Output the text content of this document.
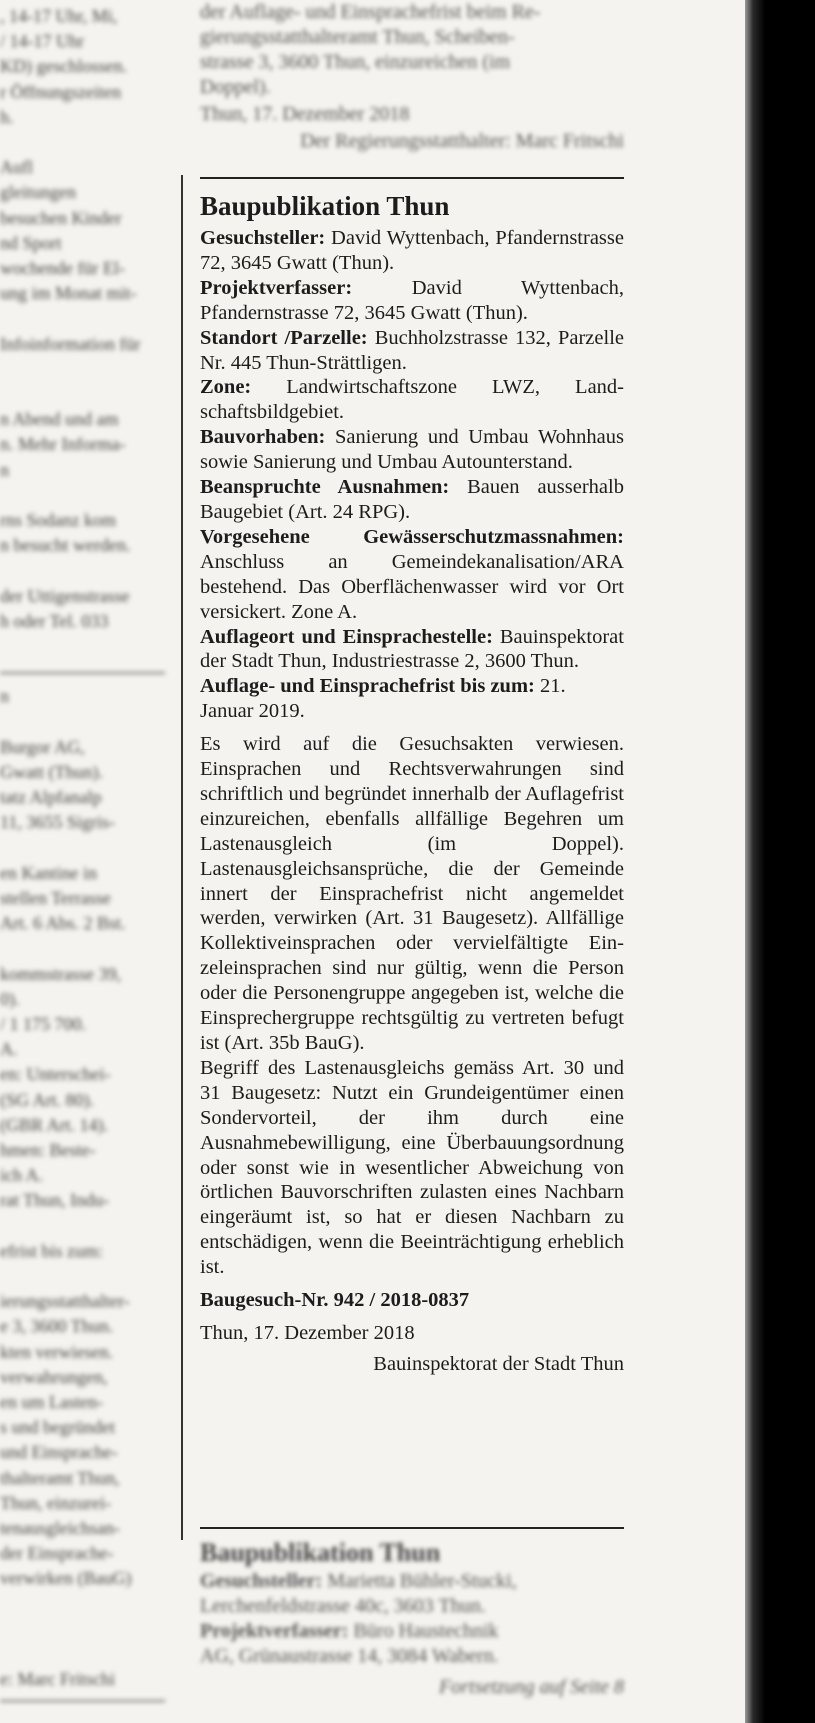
, 14-17 Uhr, Mi,
/ 14-17 Uhr
KD) geschlossen.
r Öffnungszeiten
h.
Aufl
gleitungen
besuchen Kinder
nd Sport
wochende für El-
ung im Monat mit-
Infoinformation für
n Abend und am
n. Mehr Informa-
n
rns Sodanz kom
n besucht werden.
der Uttigenstrasse
h oder Tel. 033
n
Burgor AG,
Gwatt (Thun).
tatz Alpfanalp
11, 3655 Sigris-
en Kantine in
stellen Terrasse
Art. 6 Abs. 2 Bst.
kommstrasse 39,
0).
/ 1 175 700.
A.
en: Unterschei-
(SG Art. 80).
(GBR Art. 14).
hmen: Beste-
ich A.
rat Thun, Indu-
efrist bis zum:
ierungsstatthalter-
e 3, 3600 Thun.
kten verwiesen.
verwahrungen,
en um Lasten-
s und begründet
und Einsprache-
thalteramt Thun,
Thun, einzurei-
tenausgleichsan-
der Einsprache-
verwirken (BauG)
e: Marc Fritschi

der Auflage- und Einsprachefrist beim Re-

gierungsstatthalteramt Thun, Scheiben-

strasse 3, 3600 Thun, einzureichen (im

Doppel).

Thun, 17. Dezember 2018

Der Regierungsstatthalter: Marc Fritschi

Baupublikation Thun

Gesuchsteller: David Wyttenbach, Pfandernstrasse 72, 3645 Gwatt (Thun).

Projektverfasser: David Wyttenbach, Pfandernstrasse 72, 3645 Gwatt (Thun).

Standort /Parzelle: Buchholzstrasse 132, Parzelle Nr. 445 Thun-Strättligen.

Zone: Landwirtschaftszone LWZ, Landschaftsbildgebiet.

Bauvorhaben: Sanierung und Umbau Wohnhaus sowie Sanierung und Umbau Autounterstand.

Beanspruchte Ausnahmen: Bauen ausserhalb Baugebiet (Art. 24 RPG).

Vorgesehene Gewässerschutzmassnahmen: Anschluss an Gemeindekanalisation/ARA bestehend. Das Oberflächenwasser wird vor Ort versickert. Zone A.

Auflageort und Einsprachestelle: Bauinspektorat der Stadt Thun, Industriestrasse 2, 3600 Thun.

Auflage- und Einsprachefrist bis zum: 21. Januar 2019.

Es wird auf die Gesuchsakten verwiesen. Einsprachen und Rechtsverwahrungen sind schriftlich und begründet innerhalb der Auflagefrist einzureichen, ebenfalls allfällige Begehren um Lastenausgleich (im Doppel). Lastenausgleichsansprüche, die der Gemeinde innert der Einsprachefrist nicht angemeldet werden, verwirken (Art. 31 Baugesetz). Allfällige Kollektiveinsprachen oder vervielfältigte Einzeleinsprachen sind nur gültig, wenn die Person oder die Personengruppe angegeben ist, welche die Einsprechergruppe rechtsgültig zu vertreten befugt ist (Art. 35b BauG).

Begriff des Lastenausgleichs gemäss Art. 30 und 31 Baugesetz: Nutzt ein Grundeigentümer einen Sondervorteil, der ihm durch eine Ausnahmebewilligung, eine Überbauungsordnung oder sonst wie in wesentlicher Abweichung von örtlichen Bauvorschriften zulasten eines Nachbarn eingeräumt ist, so hat er diesen Nachbarn zu entschädigen, wenn die Beeinträchtigung erheblich ist.

Baugesuch-Nr. 942 / 2018-0837

Thun, 17. Dezember 2018

Bauinspektorat der Stadt Thun

Baupublikation Thun

Gesuchsteller: Marietta Bühler-Stucki,

Lerchenfeldstrasse 40c, 3603 Thun.

Projektverfasser: Büro Haustechnik

AG, Grünaustrasse 14, 3084 Wabern.

Fortsetzung auf Seite 8
